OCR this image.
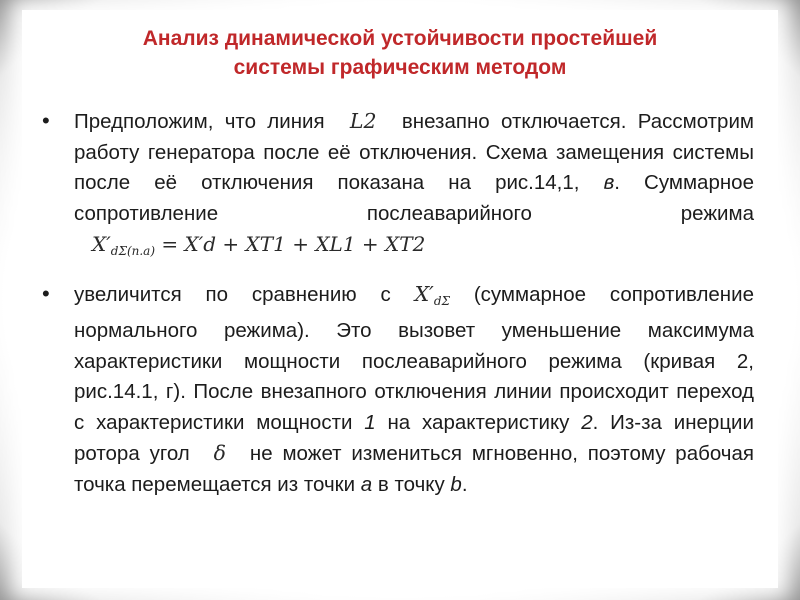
Анализ динамической устойчивости простейшей
системы графическим методом
• Предположим, что линия L2 внезапно отключается. Рассмотрим работу генератора после её отключения. Схема замещения системы после её отключения показана на рис.14,1, в. Суммарное сопротивление послеаварийного режима $X'_{d\Sigma(n.a)} = X'd + XT1 + XL1 + XT2$
• увеличится по сравнению с $X'_{d\Sigma}$ (суммарное сопротивление нормального режима). Это вызовет уменьшение максимума характеристики мощности послеаварийного режима (кривая 2, рис.14.1, г). После внезапного отключения линии происходит переход с характеристики мощности 1 на характеристику 2. Из-за инерции ротора угол δ не может измениться мгновенно, поэтому рабочая точка перемещается из точки a в точку b.
